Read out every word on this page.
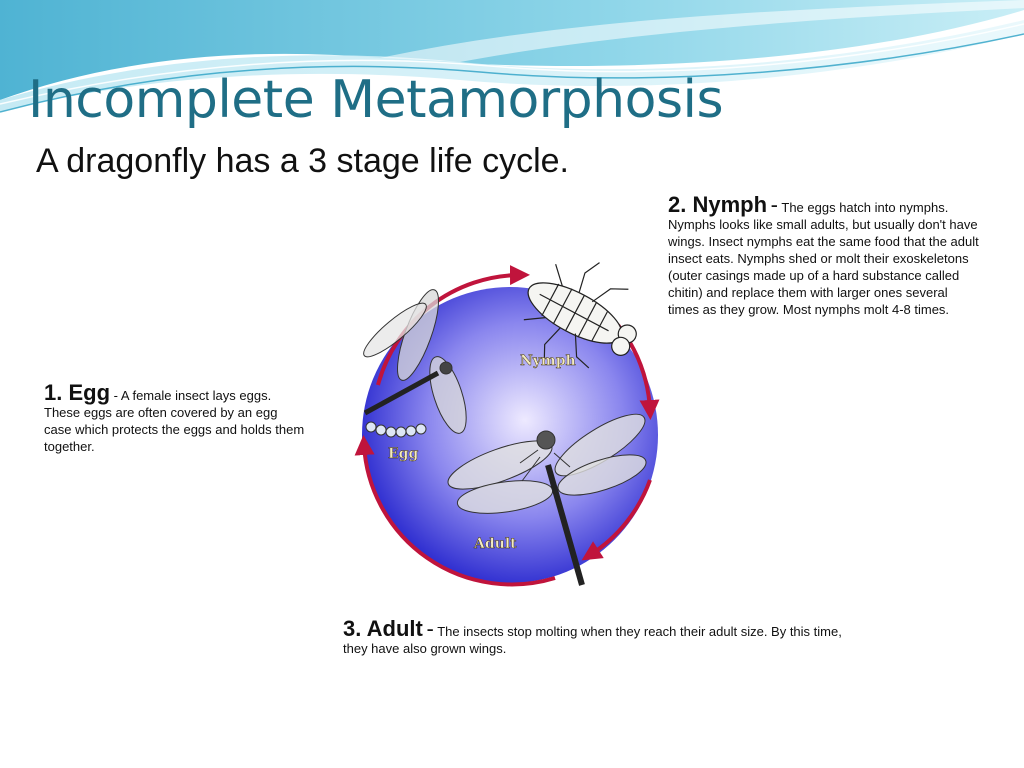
Incomplete Metamorphosis
A dragonfly has a 3 stage life cycle.
1. Egg - A female insect lays eggs. These eggs are often covered by an egg case which protects the eggs and holds them together.
2. Nymph - The eggs hatch into nymphs. Nymphs looks like small adults, but usually don't have wings. Insect nymphs eat the same food that the adult insect eats. Nymphs shed or molt their exoskeletons (outer casings made up of a hard substance called chitin) and replace them with larger ones several times as they grow. Most nymphs molt 4-8 times.
3. Adult - The insects stop molting when they reach their adult size. By this time, they have also grown wings.
Nymph
Egg
Adult
